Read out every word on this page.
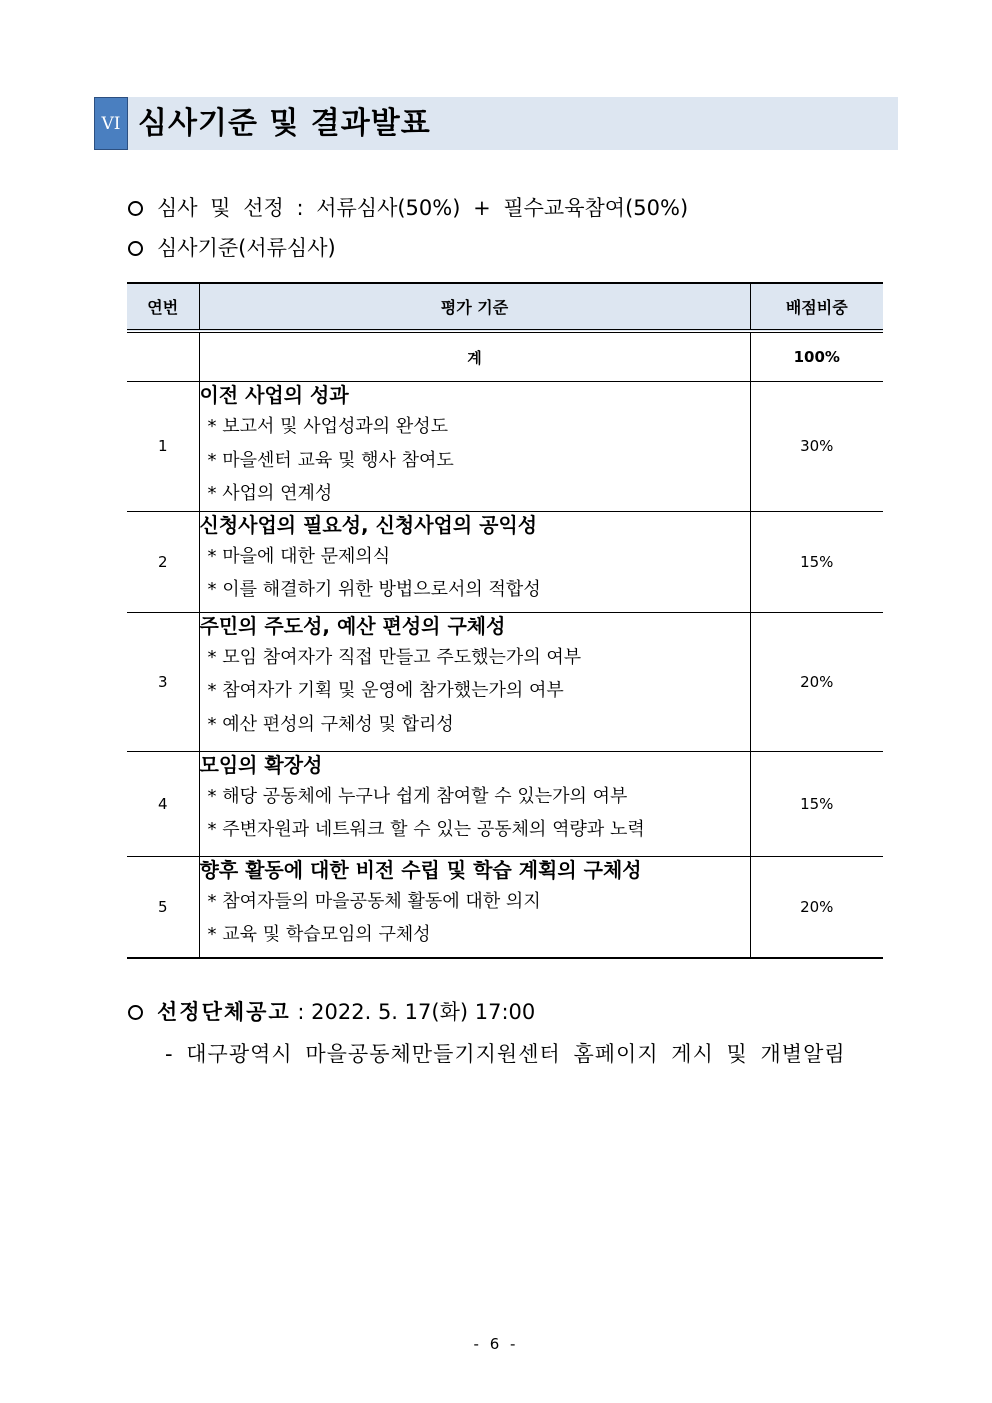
VI 심사기준 및 결과발표
심사 및 선정 : 서류심사(50%) + 필수교육참여(50%)
심사기준(서류심사)
연번	평가 기준	배점비중
	계	100%
1	이전 사업의 성과
* 보고서 및 사업성과의 완성도
* 마을센터 교육 및 행사 참여도
* 사업의 연계성	30%
2	신청사업의 필요성, 신청사업의 공익성
* 마을에 대한 문제의식
* 이를 해결하기 위한 방법으로서의 적합성	15%
3	주민의 주도성, 예산 편성의 구체성
* 모임 참여자가 직접 만들고 주도했는가의 여부
* 참여자가 기획 및 운영에 참가했는가의 여부
* 예산 편성의 구체성 및 합리성	20%
4	모임의 확장성
* 해당 공동체에 누구나 쉽게 참여할 수 있는가의 여부
* 주변자원과 네트워크 할 수 있는 공동체의 역량과 노력	15%
5	향후 활동에 대한 비전 수립 및 학습 계획의 구체성
* 참여자들의 마을공동체 활동에 대한 의지
* 교육 및 학습모임의 구체성	20%
선정단체공고 : 2022. 5. 17(화) 17:00
- 대구광역시 마을공동체만들기지원센터 홈페이지 게시 및 개별알림
- 6 -
